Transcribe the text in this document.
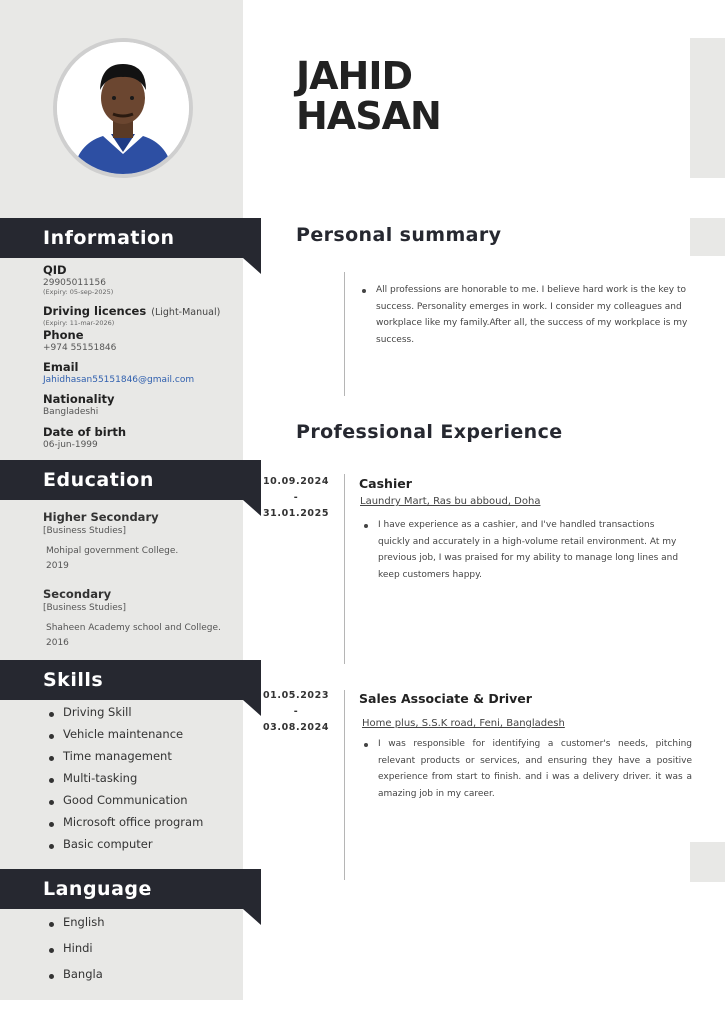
JAHID
HASAN
Information
QID
29905011156
(Expiry: 05-sep-2025)
Driving licences (Light-Manual)
(Expiry: 11-mar-2026)
Phone
+974 55151846
Email
Jahidhasan55151846@gmail.com
Nationality
Bangladeshi
Date of birth
06-jun-1999
Education
Higher Secondary
[Business Studies]
Mohipal government College.
2019
Secondary
[Business Studies]
Shaheen Academy school and College.
2016
Skills
Driving Skill
Vehicle maintenance
Time management
Multi-tasking
Good Communication
Microsoft office program
Basic computer
Language
English
Hindi
Bangla
Personal summary
All professions are honorable to me. I believe hard work is the key to success. Personality emerges in work. I consider my colleagues and workplace like my family.After all, the success of my workplace is my success.
Professional Experience
10.09.2024
-
31.01.2025
Cashier
Laundry Mart, Ras bu abboud, Doha
I have experience as a cashier, and I've handled transactions quickly and accurately in a high-volume retail environment. At my previous job, I was praised for my ability to manage long lines and keep customers happy.
01.05.2023
-
03.08.2024
Sales Associate & Driver
Home plus, S.S.K road, Feni, Bangladesh
I was responsible for identifying a customer's needs, pitching relevant products or services, and ensuring they have a positive experience from start to finish. and i was a delivery driver. it was a amazing job in my career.
